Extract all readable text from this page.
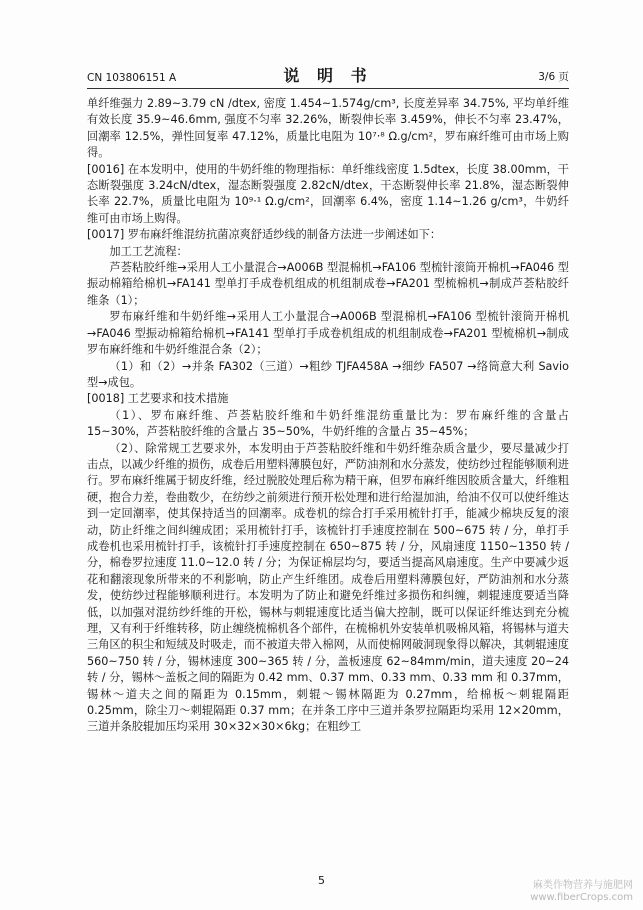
CN 103806151 A	说 明 书	3/6 页

单纤维强力 2.89~3.79 cN /dtex, 密度 1.454~1.574g/cm³, 长度差异率 34.75%, 平均单纤维有效长度 35.9~46.6mm, 强度不匀率 32.26%，断裂伸长率 3.459%，伸长不匀率 23.47%，回潮率 12.5%，弹性回复率 47.12%，质量比电阻为 10⁷·⁸ Ω.g/cm²，罗布麻纤维可由市场上购得。

[0016] 在本发明中，使用的牛奶纤维的物理指标：单纤维线密度 1.5dtex，长度 38.00mm，干态断裂强度 3.24cN/dtex，湿态断裂强度 2.82cN/dtex，干态断裂伸长率 21.8%，湿态断裂伸长率 22.7%，质量比电阻为 10⁹·¹ Ω.g/cm²，回潮率 6.4%，密度 1.14~1.26 g/cm³，牛奶纤维可由市场上购得。

[0017] 罗布麻纤维混纺抗菌凉爽舒适纱线的制备方法进一步阐述如下：

加工工艺流程：

芦荟粘胶纤维→采用人工小量混合→A006B 型混棉机→FA106 型梳针滚筒开棉机→FA046 型振动棉箱给棉机→FA141 型单打手成卷机组成的机组制成卷→FA201 型梳棉机→制成芦荟粘胶纤维条（1）；

罗布麻纤维和牛奶纤维→采用人工小量混合→A006B 型混棉机→FA106 型梳针滚筒开棉机→FA046 型振动棉箱给棉机→FA141 型单打手成卷机组成的机组制成卷→FA201 型梳棉机→制成罗布麻纤维和牛奶纤维混合条（2）；

（1）和（2）→并条 FA302（三道）→粗纱 TJFA458A →细纱 FA507 →络筒意大利 Savio 型→成包。

[0018] 工艺要求和技术措施

（1）、罗布麻纤维、芦荟粘胶纤维和牛奶纤维混纺重量比为：罗布麻纤维的含量占 15~30%，芦荟粘胶纤维的含量占 35~50%，牛奶纤维的含量占 35~45%；

（2）、除常规工艺要求外，本发明由于芦荟粘胶纤维和牛奶纤维杂质含量少，要尽量减少打击点，以减少纤维的损伤，成卷后用塑料薄膜包好，严防油剂和水分蒸发，使纺纱过程能够顺利进行。罗布麻纤维属于韧皮纤维，经过脱胶处理后称为精干麻，但罗布麻纤维因胶质含量大，纤维粗硬，抱合力差，卷曲数少，在纺纱之前须进行预开松处理和进行给湿加油，给油不仅可以使纤维达到一定回潮率，使其保持适当的回潮率。成卷机的综合打手采用梳针打手，能减少棉块反复的滚动，防止纤维之间纠缠成团；采用梳针打手，该梳针打手速度控制在 500~675 转 / 分，单打手成卷机也采用梳针打手，该梳针打手速度控制在 650~875 转 / 分，风扇速度 1150~1350 转 / 分，棉卷罗拉速度 11.0~12.0 转 / 分；为保证棉层均匀，要适当提高风扇速度。生产中要减少返花和翻滚现象所带来的不利影响，防止产生纤维团。成卷后用塑料薄膜包好，严防油剂和水分蒸发，使纺纱过程能够顺利进行。本发明为了防止和避免纤维过多损伤和纠缠，刺辊速度要适当降低，以加强对混纺纱纤维的开松，锡林与刺辊速度比适当偏大控制，既可以保证纤维达到充分梳理，又有利于纤维转移，防止缠绕梳棉机各个部件，在梳棉机外安装单机吸棉风箱，将锡林与道夫三角区的积尘和短绒及时吸走，而不被道夫带入棉网，从而使棉网破洞现象得以解决，其刺辊速度 560~750 转 / 分，锡林速度 300~365 转 / 分，盖板速度 62~84mm/min，道夫速度 20~24 转 / 分，锡林～盖板之间的隔距为 0.42 mm、0.37 mm、0.33 mm、0.33 mm 和 0.37mm，锡林～道夫之间的隔距为 0.15mm，刺辊～锡林隔距为 0.27mm，给棉板～刺辊隔距 0.25mm，除尘刀～刺辊隔距 0.37 mm；在并条工序中三道并条罗拉隔距均采用 12×20mm，三道并条胶辊加压均采用 30×32×30×6kg；在粗纱工

5	麻类作物营养与施肥网
www.fiberCrops.com
